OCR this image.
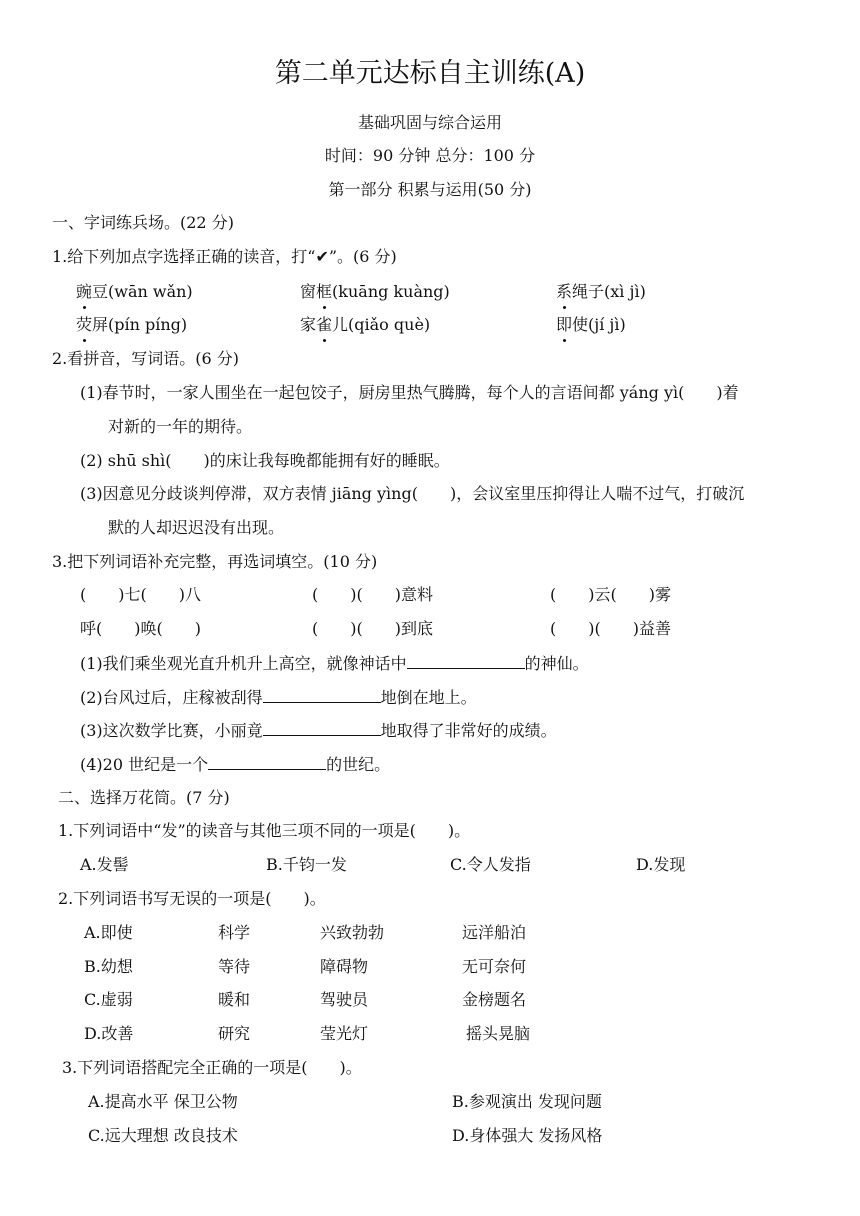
第二单元达标自主训练(A)
基础巩固与综合运用
时间：90 分钟 总分：100 分
第一部分 积累与运用(50 分)
一、字词练兵场。(22 分)
1.给下列加点字选择正确的读音，打“✔”。(6 分)
豌豆(wān wǎn)	窗框(kuāng kuàng)	系绳子(xì jì)
荧屏(pín píng)	家雀儿(qiǎo què)	即使(jí jì)
2.看拼音，写词语。(6 分)
(1)春节时，一家人围坐在一起包饺子，厨房里热气腾腾，每个人的言语间都 yáng yì(　　)着
对新的一年的期待。
(2) shū shì(　　)的床让我每晚都能拥有好的睡眠。
(3)因意见分歧谈判停滞，双方表情 jiāng yìng(　　)，会议室里压抑得让人喘不过气，打破沉
默的人却迟迟没有出现。
3.把下列词语补充完整，再选词填空。(10 分)
(　　)七(　　)八	(　　)(　　)意料	(　　)云(　　)雾
呼(　　)唤(　　)	(　　)(　　)到底	(　　)(　　)益善
(1)我们乘坐观光直升机升上高空，就像神话中	的神仙。
(2)台风过后，庄稼被刮得	地倒在地上。
(3)这次数学比赛，小丽竟	地取得了非常好的成绩。
(4)20 世纪是一个	的世纪。
二、选择万花筒。(7 分)
1.下列词语中“发”的读音与其他三项不同的一项是(　　)。
A.发髻	B.千钧一发	C.令人发指	D.发现
2.下列词语书写无误的一项是(　　)。
A.即使	科学	兴致勃勃	远洋船泊
B.幼想	等待	障碍物	无可奈何
C.虚弱	暖和	驾驶员	金榜题名
D.改善	研究	莹光灯	摇头晃脑
3.下列词语搭配完全正确的一项是(　　)。
A.提高水平 保卫公物	B.参观演出 发现问题
C.远大理想 改良技术	D.身体强大 发扬风格
